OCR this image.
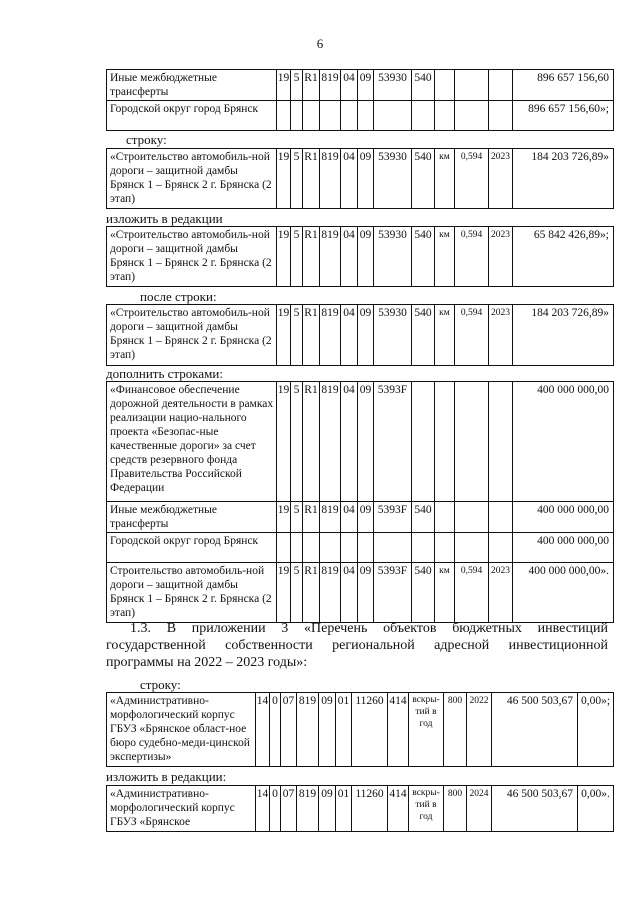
6
Иные межбюджетные трансферты	19	5	R1	819	04	09	53930	540				896 657 156,60
Городской округ город Брянск												896 657 156,60»;
строку:
«Строительство автомобиль-ной дороги – защитной дамбы Брянск 1 – Брянск 2 г. Брянска (2 этап)	19	5	R1	819	04	09	53930	540	км	0,594	2023	184 203 726,89»
изложить в редакции
«Строительство автомобиль-ной дороги – защитной дамбы Брянск 1 – Брянск 2 г. Брянска (2 этап)	19	5	R1	819	04	09	53930	540	км	0,594	2023	65 842 426,89»;
после строки:
«Строительство автомобиль-ной дороги – защитной дамбы Брянск 1 – Брянск 2 г. Брянска (2 этап)	19	5	R1	819	04	09	53930	540	км	0,594	2023	184 203 726,89»
дополнить строками:
«Финансовое обеспечение дорожной деятельности в рамках реализации нацио-нального проекта «Безопас-ные качественные дороги» за счет средств резервного фонда Правительства Российской Федерации	19	5	R1	819	04	09	5393F					400 000 000,00
Иные межбюджетные трансферты	19	5	R1	819	04	09	5393F	540				400 000 000,00
Городской округ город Брянск												400 000 000,00
Строительство автомобиль-ной дороги – защитной дамбы Брянск 1 – Брянск 2 г. Брянска (2 этап)	19	5	R1	819	04	09	5393F	540	км	0,594	2023	400 000 000,00».
1.3. В приложении 3 «Перечень объектов бюджетных инвестиций
государственной собственности региональной адресной инвестиционной
программы на 2022 – 2023 годы»:
строку:
«Административно-морфологический корпус ГБУЗ «Брянское област-ное бюро судебно-меди-цинской экспертизы»	14	0	07	819	09	01	11260	414	вскры-тий в год	800	2022	46 500 503,67	0,00»;
изложить в редакции:
«Административно-морфологический корпус ГБУЗ «Брянское	14	0	07	819	09	01	11260	414	вскры-тий в год	800	2024	46 500 503,67	0,00».
